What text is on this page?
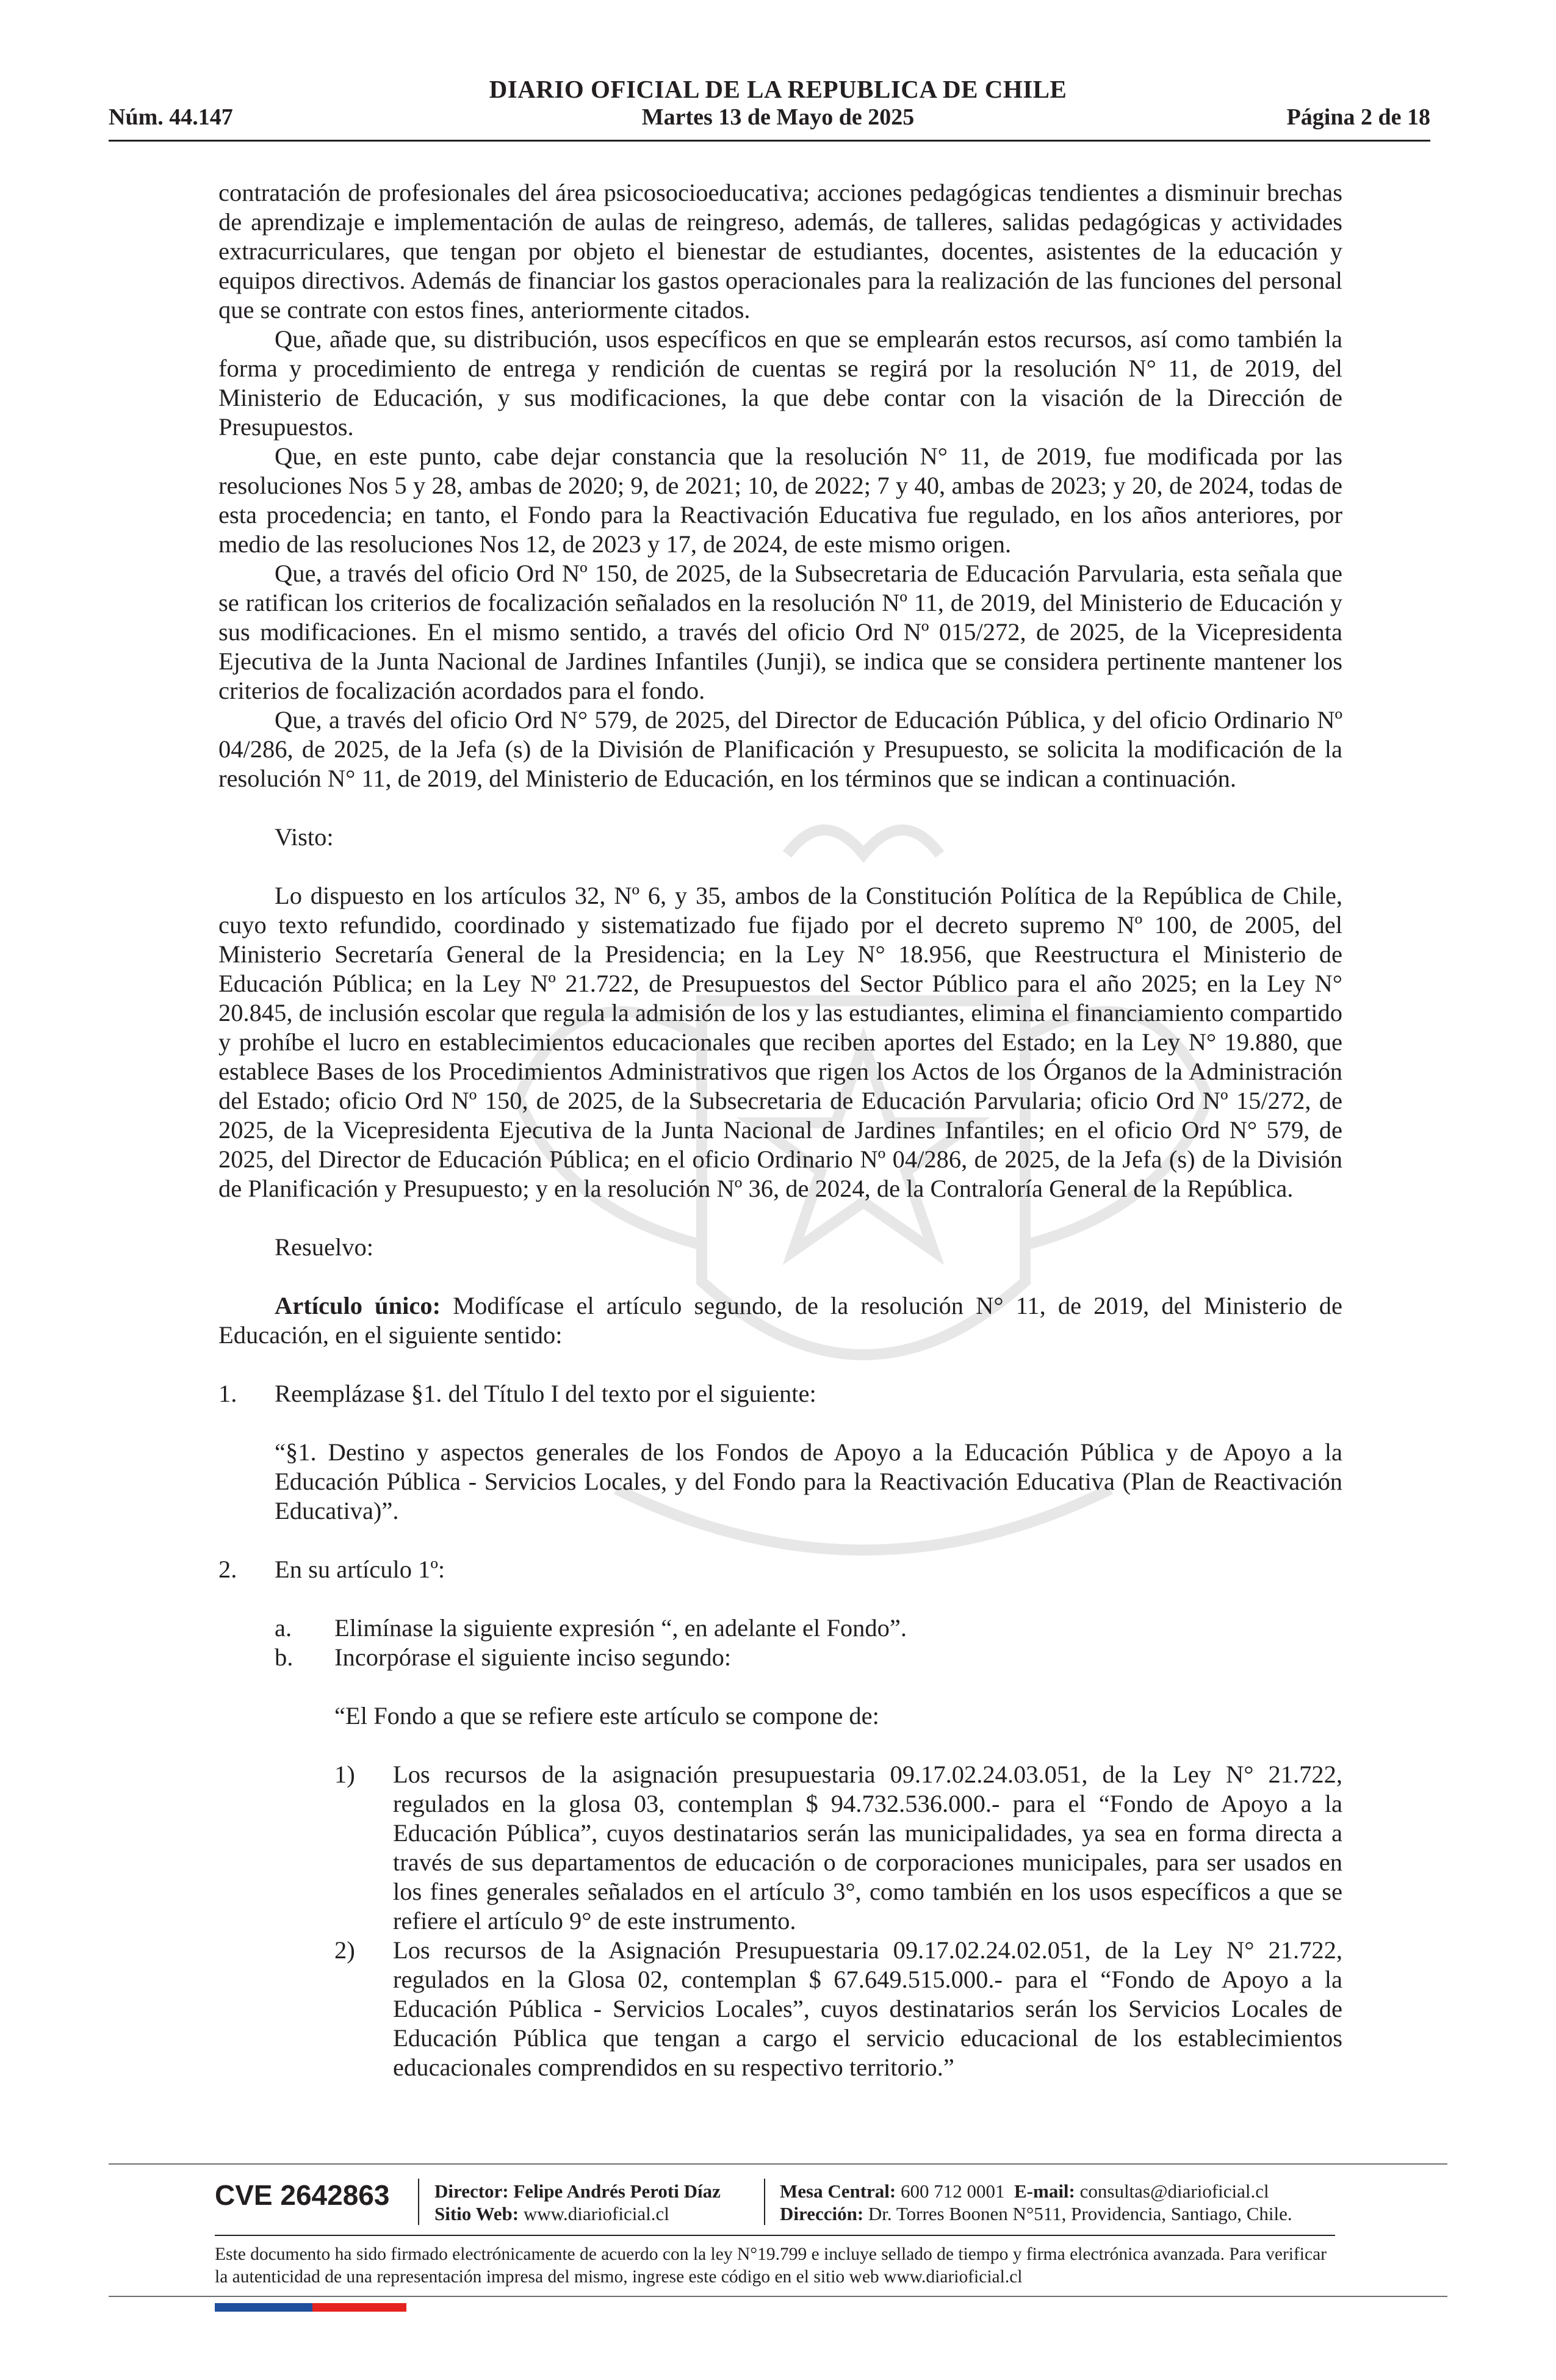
DIARIO OFICIAL DE LA REPUBLICA DE CHILE
Núm. 44.147	Martes 13 de Mayo de 2025	Página 2 de 18

contratación de profesionales del área psicosocioeducativa; acciones pedagógicas tendientes a disminuir brechas de aprendizaje e implementación de aulas de reingreso, además, de talleres, salidas pedagógicas y actividades extracurriculares, que tengan por objeto el bienestar de estudiantes, docentes, asistentes de la educación y equipos directivos. Además de financiar los gastos operacionales para la realización de las funciones del personal que se contrate con estos fines, anteriormente citados.

Que, añade que, su distribución, usos específicos en que se emplearán estos recursos, así como también la forma y procedimiento de entrega y rendición de cuentas se regirá por la resolución N° 11, de 2019, del Ministerio de Educación, y sus modificaciones, la que debe contar con la visación de la Dirección de Presupuestos.

Que, en este punto, cabe dejar constancia que la resolución N° 11, de 2019, fue modificada por las resoluciones Nos 5 y 28, ambas de 2020; 9, de 2021; 10, de 2022; 7 y 40, ambas de 2023; y 20, de 2024, todas de esta procedencia; en tanto, el Fondo para la Reactivación Educativa fue regulado, en los años anteriores, por medio de las resoluciones Nos 12, de 2023 y 17, de 2024, de este mismo origen.

Que, a través del oficio Ord Nº 150, de 2025, de la Subsecretaria de Educación Parvularia, esta señala que se ratifican los criterios de focalización señalados en la resolución Nº 11, de 2019, del Ministerio de Educación y sus modificaciones. En el mismo sentido, a través del oficio Ord Nº 015/272, de 2025, de la Vicepresidenta Ejecutiva de la Junta Nacional de Jardines Infantiles (Junji), se indica que se considera pertinente mantener los criterios de focalización acordados para el fondo.

Que, a través del oficio Ord N° 579, de 2025, del Director de Educación Pública, y del oficio Ordinario Nº 04/286, de 2025, de la Jefa (s) de la División de Planificación y Presupuesto, se solicita la modificación de la resolución N° 11, de 2019, del Ministerio de Educación, en los términos que se indican a continuación.

Visto:

Lo dispuesto en los artículos 32, Nº 6, y 35, ambos de la Constitución Política de la República de Chile, cuyo texto refundido, coordinado y sistematizado fue fijado por el decreto supremo Nº 100, de 2005, del Ministerio Secretaría General de la Presidencia; en la Ley N° 18.956, que Reestructura el Ministerio de Educación Pública; en la Ley Nº 21.722, de Presupuestos del Sector Público para el año 2025; en la Ley N° 20.845, de inclusión escolar que regula la admisión de los y las estudiantes, elimina el financiamiento compartido y prohíbe el lucro en establecimientos educacionales que reciben aportes del Estado; en la Ley N° 19.880, que establece Bases de los Procedimientos Administrativos que rigen los Actos de los Órganos de la Administración del Estado; oficio Ord Nº 150, de 2025, de la Subsecretaria de Educación Parvularia; oficio Ord Nº 15/272, de 2025, de la Vicepresidenta Ejecutiva de la Junta Nacional de Jardines Infantiles; en el oficio Ord N° 579, de 2025, del Director de Educación Pública; en el oficio Ordinario Nº 04/286, de 2025, de la Jefa (s) de la División de Planificación y Presupuesto; y en la resolución Nº 36, de 2024, de la Contraloría General de la República.

Resuelvo:

Artículo único: Modifícase el artículo segundo, de la resolución N° 11, de 2019, del Ministerio de Educación, en el siguiente sentido:

1. Reemplázase §1. del Título I del texto por el siguiente:

“§1. Destino y aspectos generales de los Fondos de Apoyo a la Educación Pública y de Apoyo a la Educación Pública - Servicios Locales, y del Fondo para la Reactivación Educativa (Plan de Reactivación Educativa)”.

2. En su artículo 1º:

a. Elimínase la siguiente expresión “, en adelante el Fondo”.

b. Incorpórase el siguiente inciso segundo:

“El Fondo a que se refiere este artículo se compone de:

1) Los recursos de la asignación presupuestaria 09.17.02.24.03.051, de la Ley N° 21.722, regulados en la glosa 03, contemplan $ 94.732.536.000.- para el “Fondo de Apoyo a la Educación Pública”, cuyos destinatarios serán las municipalidades, ya sea en forma directa a través de sus departamentos de educación o de corporaciones municipales, para ser usados en los fines generales señalados en el artículo 3°, como también en los usos específicos a que se refiere el artículo 9° de este instrumento.

2) Los recursos de la Asignación Presupuestaria 09.17.02.24.02.051, de la Ley N° 21.722, regulados en la Glosa 02, contemplan $ 67.649.515.000.- para el “Fondo de Apoyo a la Educación Pública - Servicios Locales”, cuyos destinatarios serán los Servicios Locales de Educación Pública que tengan a cargo el servicio educacional de los establecimientos educacionales comprendidos en su respectivo territorio.”

CVE 2642863 Director: Felipe Andrés Peroti Díaz
Sitio Web: www.diarioficial.cl
Mesa Central: 600 712 0001 E-mail: consultas@diarioficial.cl
Dirección: Dr. Torres Boonen N°511, Providencia, Santiago, Chile.
Este documento ha sido firmado electrónicamente de acuerdo con la ley N°19.799 e incluye sellado de tiempo y firma electrónica avanzada. Para verificar la autenticidad de una representación impresa del mismo, ingrese este código en el sitio web www.diarioficial.cl
